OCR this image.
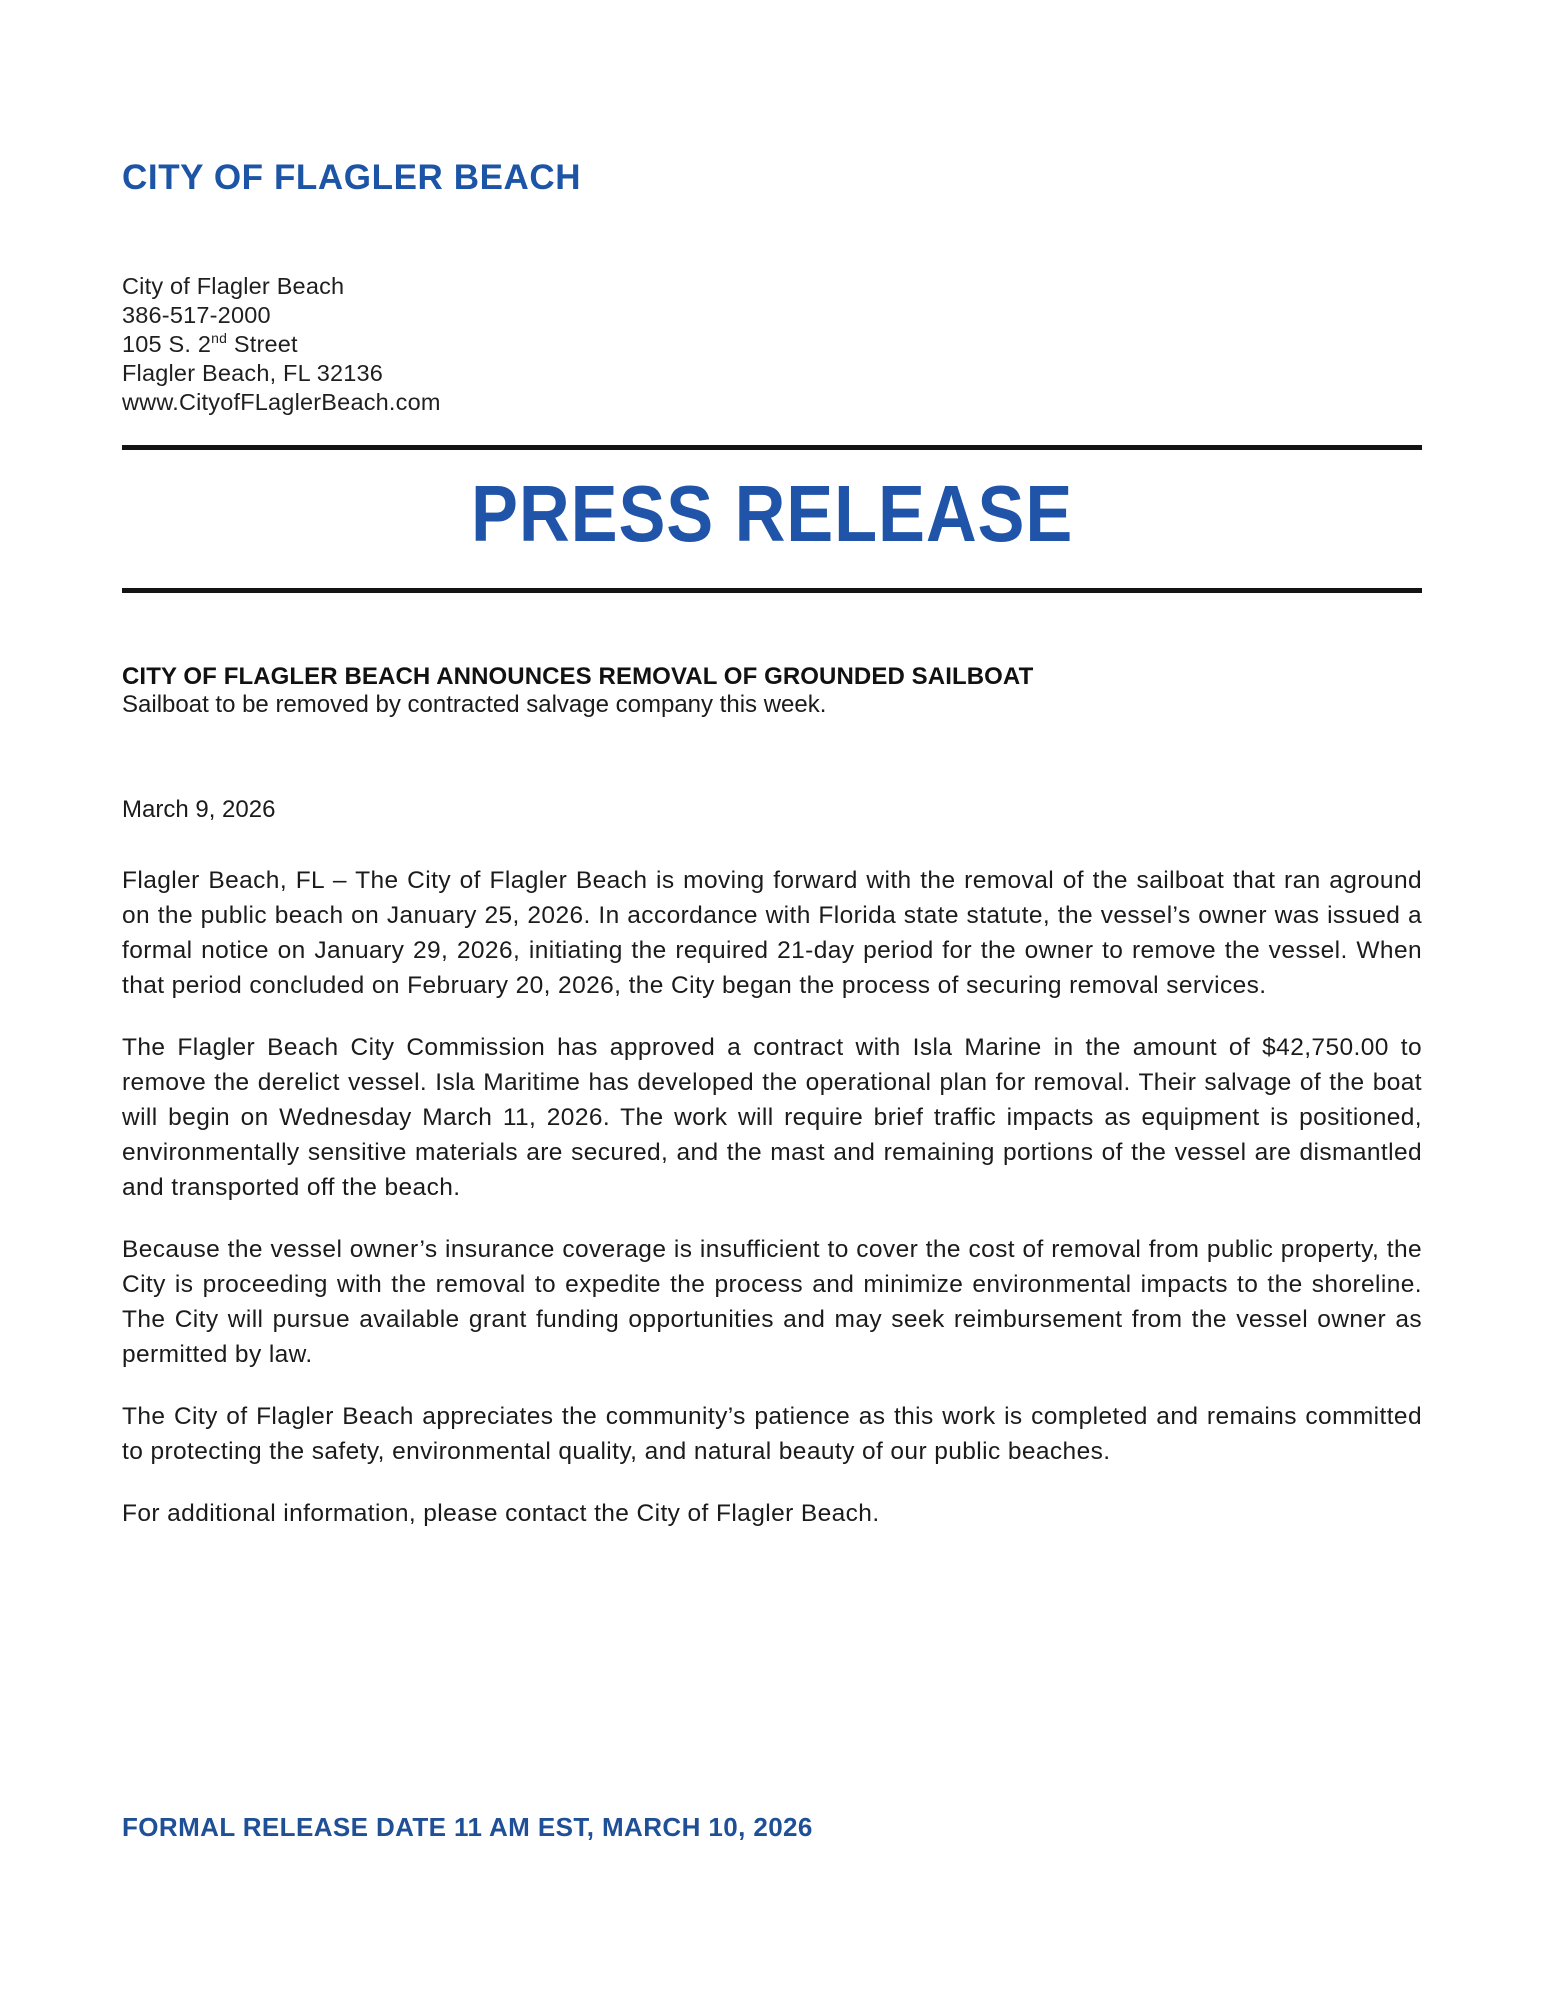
CITY OF FLAGLER BEACH
City of Flagler Beach
386-517-2000
105 S. 2nd Street
Flagler Beach, FL 32136
www.CityofFLaglerBeach.com
PRESS RELEASE

CITY OF FLAGLER BEACH ANNOUNCES REMOVAL OF GROUNDED SAILBOAT

Sailboat to be removed by contracted salvage company this week.

March 9, 2026

Flagler Beach, FL – The City of Flagler Beach is moving forward with the removal of the sailboat that ran aground on the public beach on January 25, 2026. In accordance with Florida state statute, the vessel’s owner was issued a formal notice on January 29, 2026, initiating the required 21-day period for the owner to remove the vessel. When that period concluded on February 20, 2026, the City began the process of securing removal services.

The Flagler Beach City Commission has approved a contract with Isla Marine in the amount of $42,750.00 to remove the derelict vessel. Isla Maritime has developed the operational plan for removal. Their salvage of the boat will begin on Wednesday March 11, 2026. The work will require brief traffic impacts as equipment is positioned, environmentally sensitive materials are secured, and the mast and remaining portions of the vessel are dismantled and transported off the beach.

Because the vessel owner’s insurance coverage is insufficient to cover the cost of removal from public property, the City is proceeding with the removal to expedite the process and minimize environmental impacts to the shoreline. The City will pursue available grant funding opportunities and may seek reimbursement from the vessel owner as permitted by law.

The City of Flagler Beach appreciates the community’s patience as this work is completed and remains committed to protecting the safety, environmental quality, and natural beauty of our public beaches.

For additional information, please contact the City of Flagler Beach.

FORMAL RELEASE DATE 11 AM EST, MARCH 10, 2026
